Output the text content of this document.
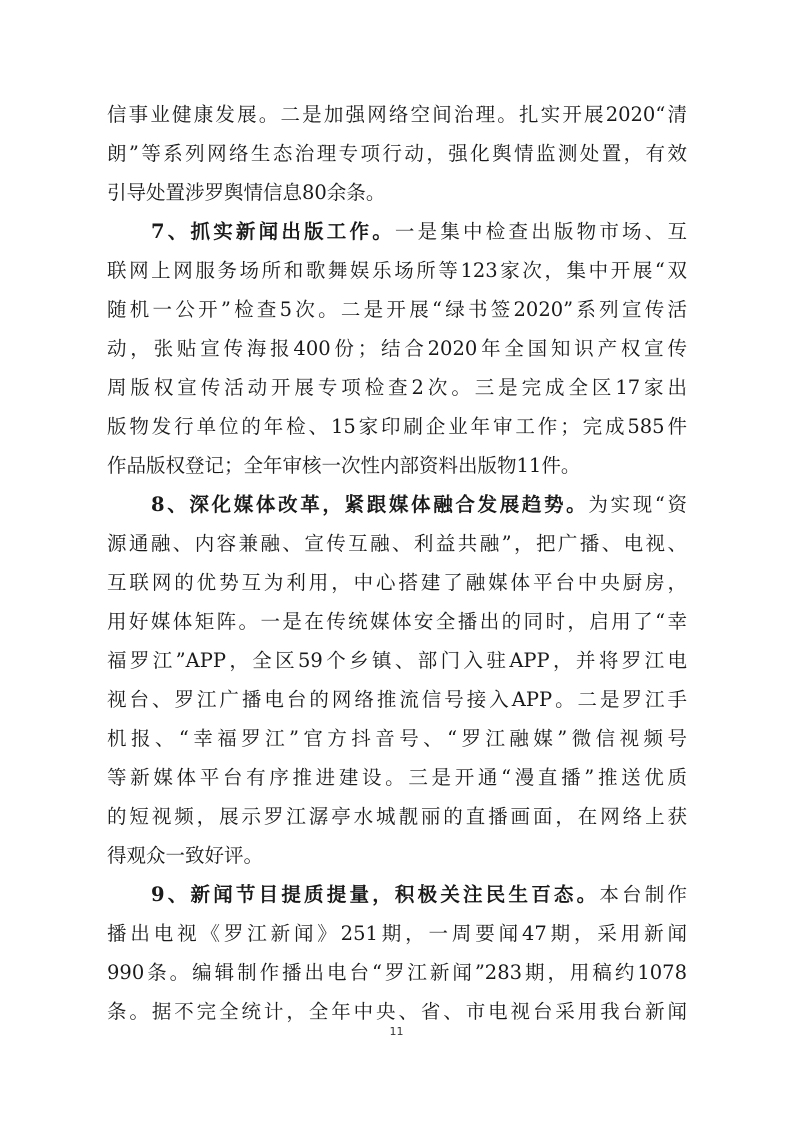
信事业健康发展。二是加强网络空间治理。扎实开展2020“清
朗”等系列网络生态治理专项行动，强化舆情监测处置，有效
引导处置涉罗舆情信息80余条。
7、抓实新闻出版工作。一是集中检查出版物市场、互
联网上网服务场所和歌舞娱乐场所等123家次，集中开展“双
随机一公开”检查5次。二是开展“绿书签2020”系列宣传活
动，张贴宣传海报400份；结合2020年全国知识产权宣传
周版权宣传活动开展专项检查2次。三是完成全区17家出
版物发行单位的年检、15家印刷企业年审工作；完成585件
作品版权登记；全年审核一次性内部资料出版物11件。
8、深化媒体改革，紧跟媒体融合发展趋势。为实现“资
源通融、内容兼融、宣传互融、利益共融”，把广播、电视、
互联网的优势互为利用，中心搭建了融媒体平台中央厨房，
用好媒体矩阵。一是在传统媒体安全播出的同时，启用了“幸
福罗江”APP，全区59个乡镇、部门入驻APP，并将罗江电
视台、罗江广播电台的网络推流信号接入APP。二是罗江手
机报、“幸福罗江”官方抖音号、“罗江融媒”微信视频号
等新媒体平台有序推进建设。三是开通“漫直播”推送优质
的短视频，展示罗江潺亭水城靓丽的直播画面，在网络上获
得观众一致好评。
9、新闻节目提质提量，积极关注民生百态。本台制作
播出电视《罗江新闻》251期，一周要闻47期，采用新闻
990条。编辑制作播出电台“罗江新闻”283期，用稿约1078
条。据不完全统计，全年中央、省、市电视台采用我台新闻
11
